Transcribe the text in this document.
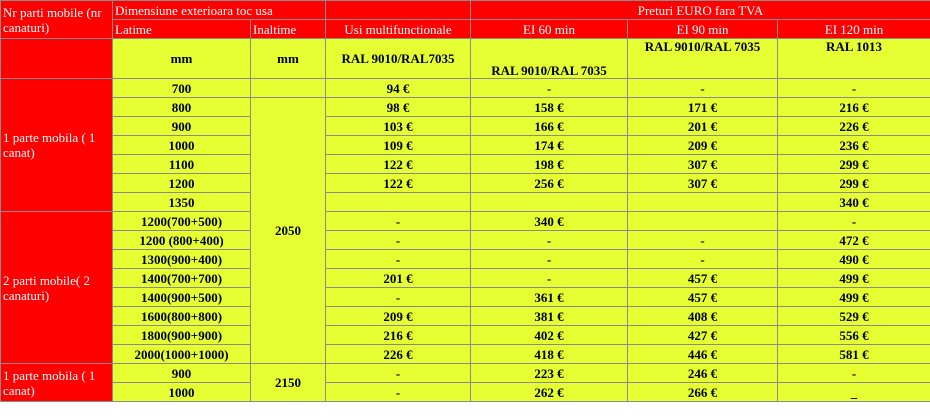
Nr parti mobile (nr canaturi)	Dimensiune exterioara toc usa			Preturi EURO fara TVA		
	Latime	Inaltime	Usi multifunctionale	EI 60 min	EI 90 min	EI 120 min
	mm	mm	RAL 9010/RAL7035	RAL 9010/RAL 7035	RAL 9010/RAL 7035	RAL 1013
1 parte mobila ( 1 canat)	700		94 €	-	-	-
	800	2050	98 €	158 €	171 €	216 €
	900		103 €	166 €	201 €	226 €
	1000		109 €	174 €	209 €	236 €
	1100		122 €	198 €	307 €	299 €
	1200		122 €	256 €	307 €	299 €
	1350					340 €
2 parti mobile( 2 canaturi)	1200(700+500)		-	340 €		-
	1200 (800+400)		-	-	-	472 €
	1300(900+400)		-	-	-	490 €
	1400(700+700)		201 €	-	457 €	499 €
	1400(900+500)		-	361 €	457 €	499 €
	1600(800+800)		209 €	381 €	408 €	529 €
	1800(900+900)		216 €	402 €	427 €	556 €
	2000(1000+1000)		226 €	418 €	446 €	581 €
1 parte mobila ( 1 canat)	900	2150	-	223 €	246 €	-
	1000		-	262 €	266 €	_
